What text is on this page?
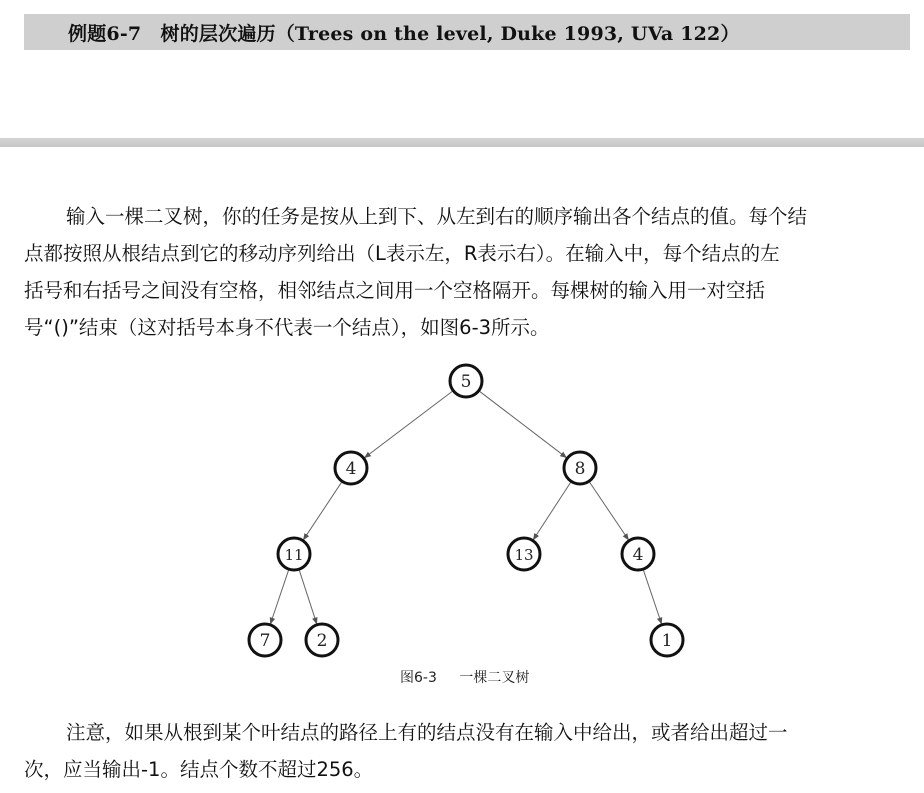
例题6-7　树的层次遍历（Trees on the level, Duke 1993, UVa 122）
输入一棵二叉树，你的任务是按从上到下、从左到右的顺序输出各个结点的值。每个结
点都按照从根结点到它的移动序列给出（L表示左，R表示右）。在输入中，每个结点的左
括号和右括号之间没有空格，相邻结点之间用一个空格隔开。每棵树的输入用一对空括
号“()”结束（这对括号本身不代表一个结点），如图6-3所示。
5
4	8
11	13	4
7	2	1
图6-3 一棵二叉树
注意，如果从根到某个叶结点的路径上有的结点没有在输入中给出，或者给出超过一
次，应当输出-1。结点个数不超过256。
